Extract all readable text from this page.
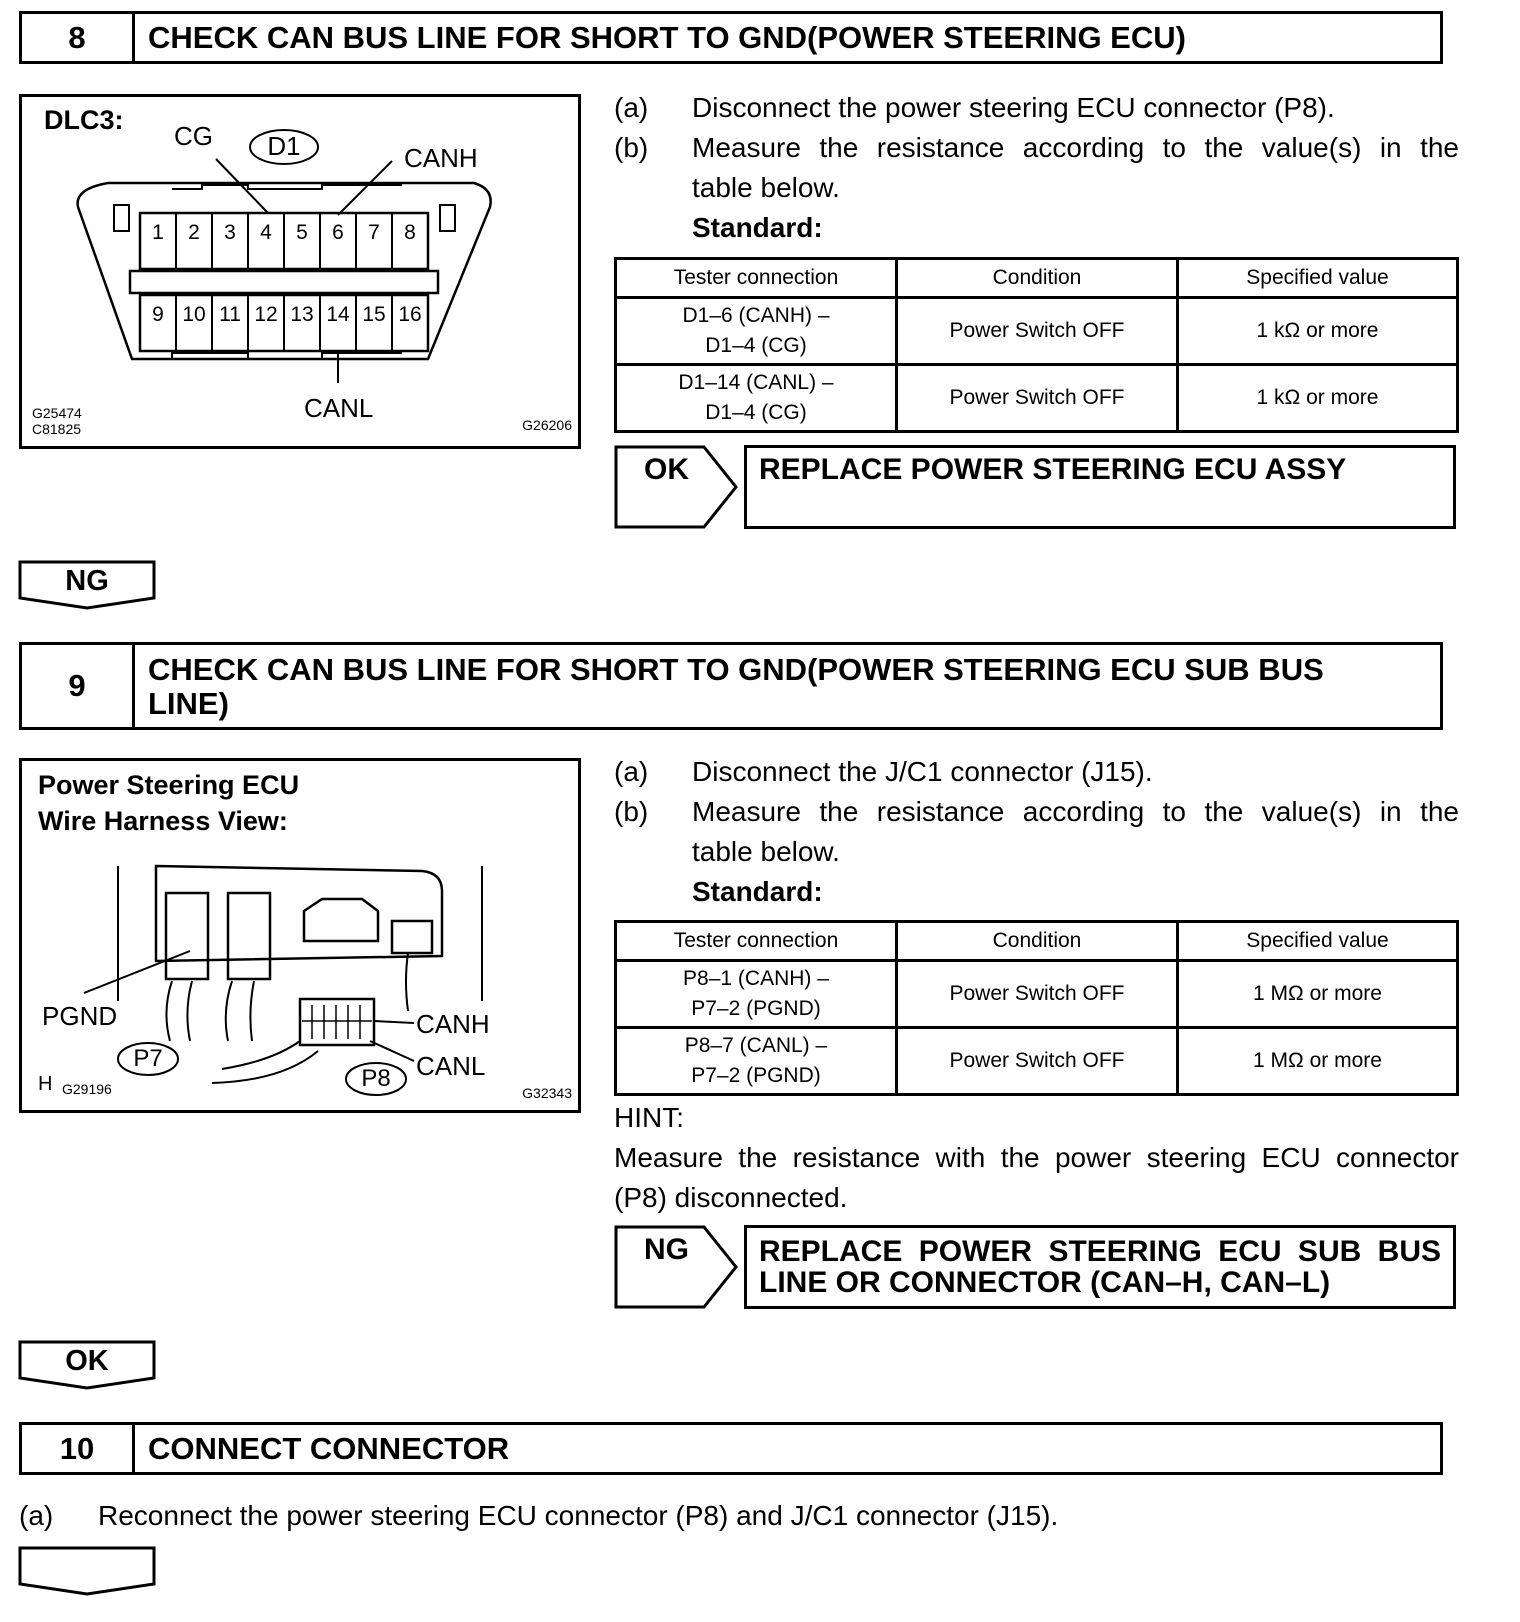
8	CHECK CAN BUS LINE FOR SHORT TO GND(POWER STEERING ECU)
DLC3:
CG	D1	CANH
CANL
1	2	3	4	5	6	7	8
9 10 11 12 13 14 15 16
G25474
C81825	G26206
(a) Disconnect the power steering ECU connector (P8).
(b) Measure the resistance according to the value(s) in the
table below.
Standard:
Tester connection	Condition	Specified value

D1–6 (CANH) –
D1–4 (CG)	Power Switch OFF	1 kΩ or more

D1–14 (CANL) –
D1–4 (CG)	Power Switch OFF	1 kΩ or more
OK	REPLACE POWER STEERING ECU ASSY
NG
9	CHECK CAN BUS LINE FOR SHORT TO GND(POWER STEERING ECU SUB BUS
LINE)
Power Steering ECU
Wire Harness View:
PGND	CANH
CANL
P7
P8
H G29196	G32343
(a) Disconnect the J/C1 connector (J15).
(b) Measure the resistance according to the value(s) in the
table below.
Standard:
Tester connection	Condition	Specified value

P8–1 (CANH) –
P7–2 (PGND)	Power Switch OFF	1 MΩ or more

P8–7 (CANL) –
P7–2 (PGND)	Power Switch OFF	1 MΩ or more
HINT:
Measure the resistance with the power steering ECU connector
(P8) disconnected.
NG	REPLACE POWER STEERING ECU SUB BUS
LINE OR CONNECTOR (CAN–H, CAN–L)
OK
10	CONNECT CONNECTOR
(a) Reconnect the power steering ECU connector (P8) and J/C1 connector (J15).
